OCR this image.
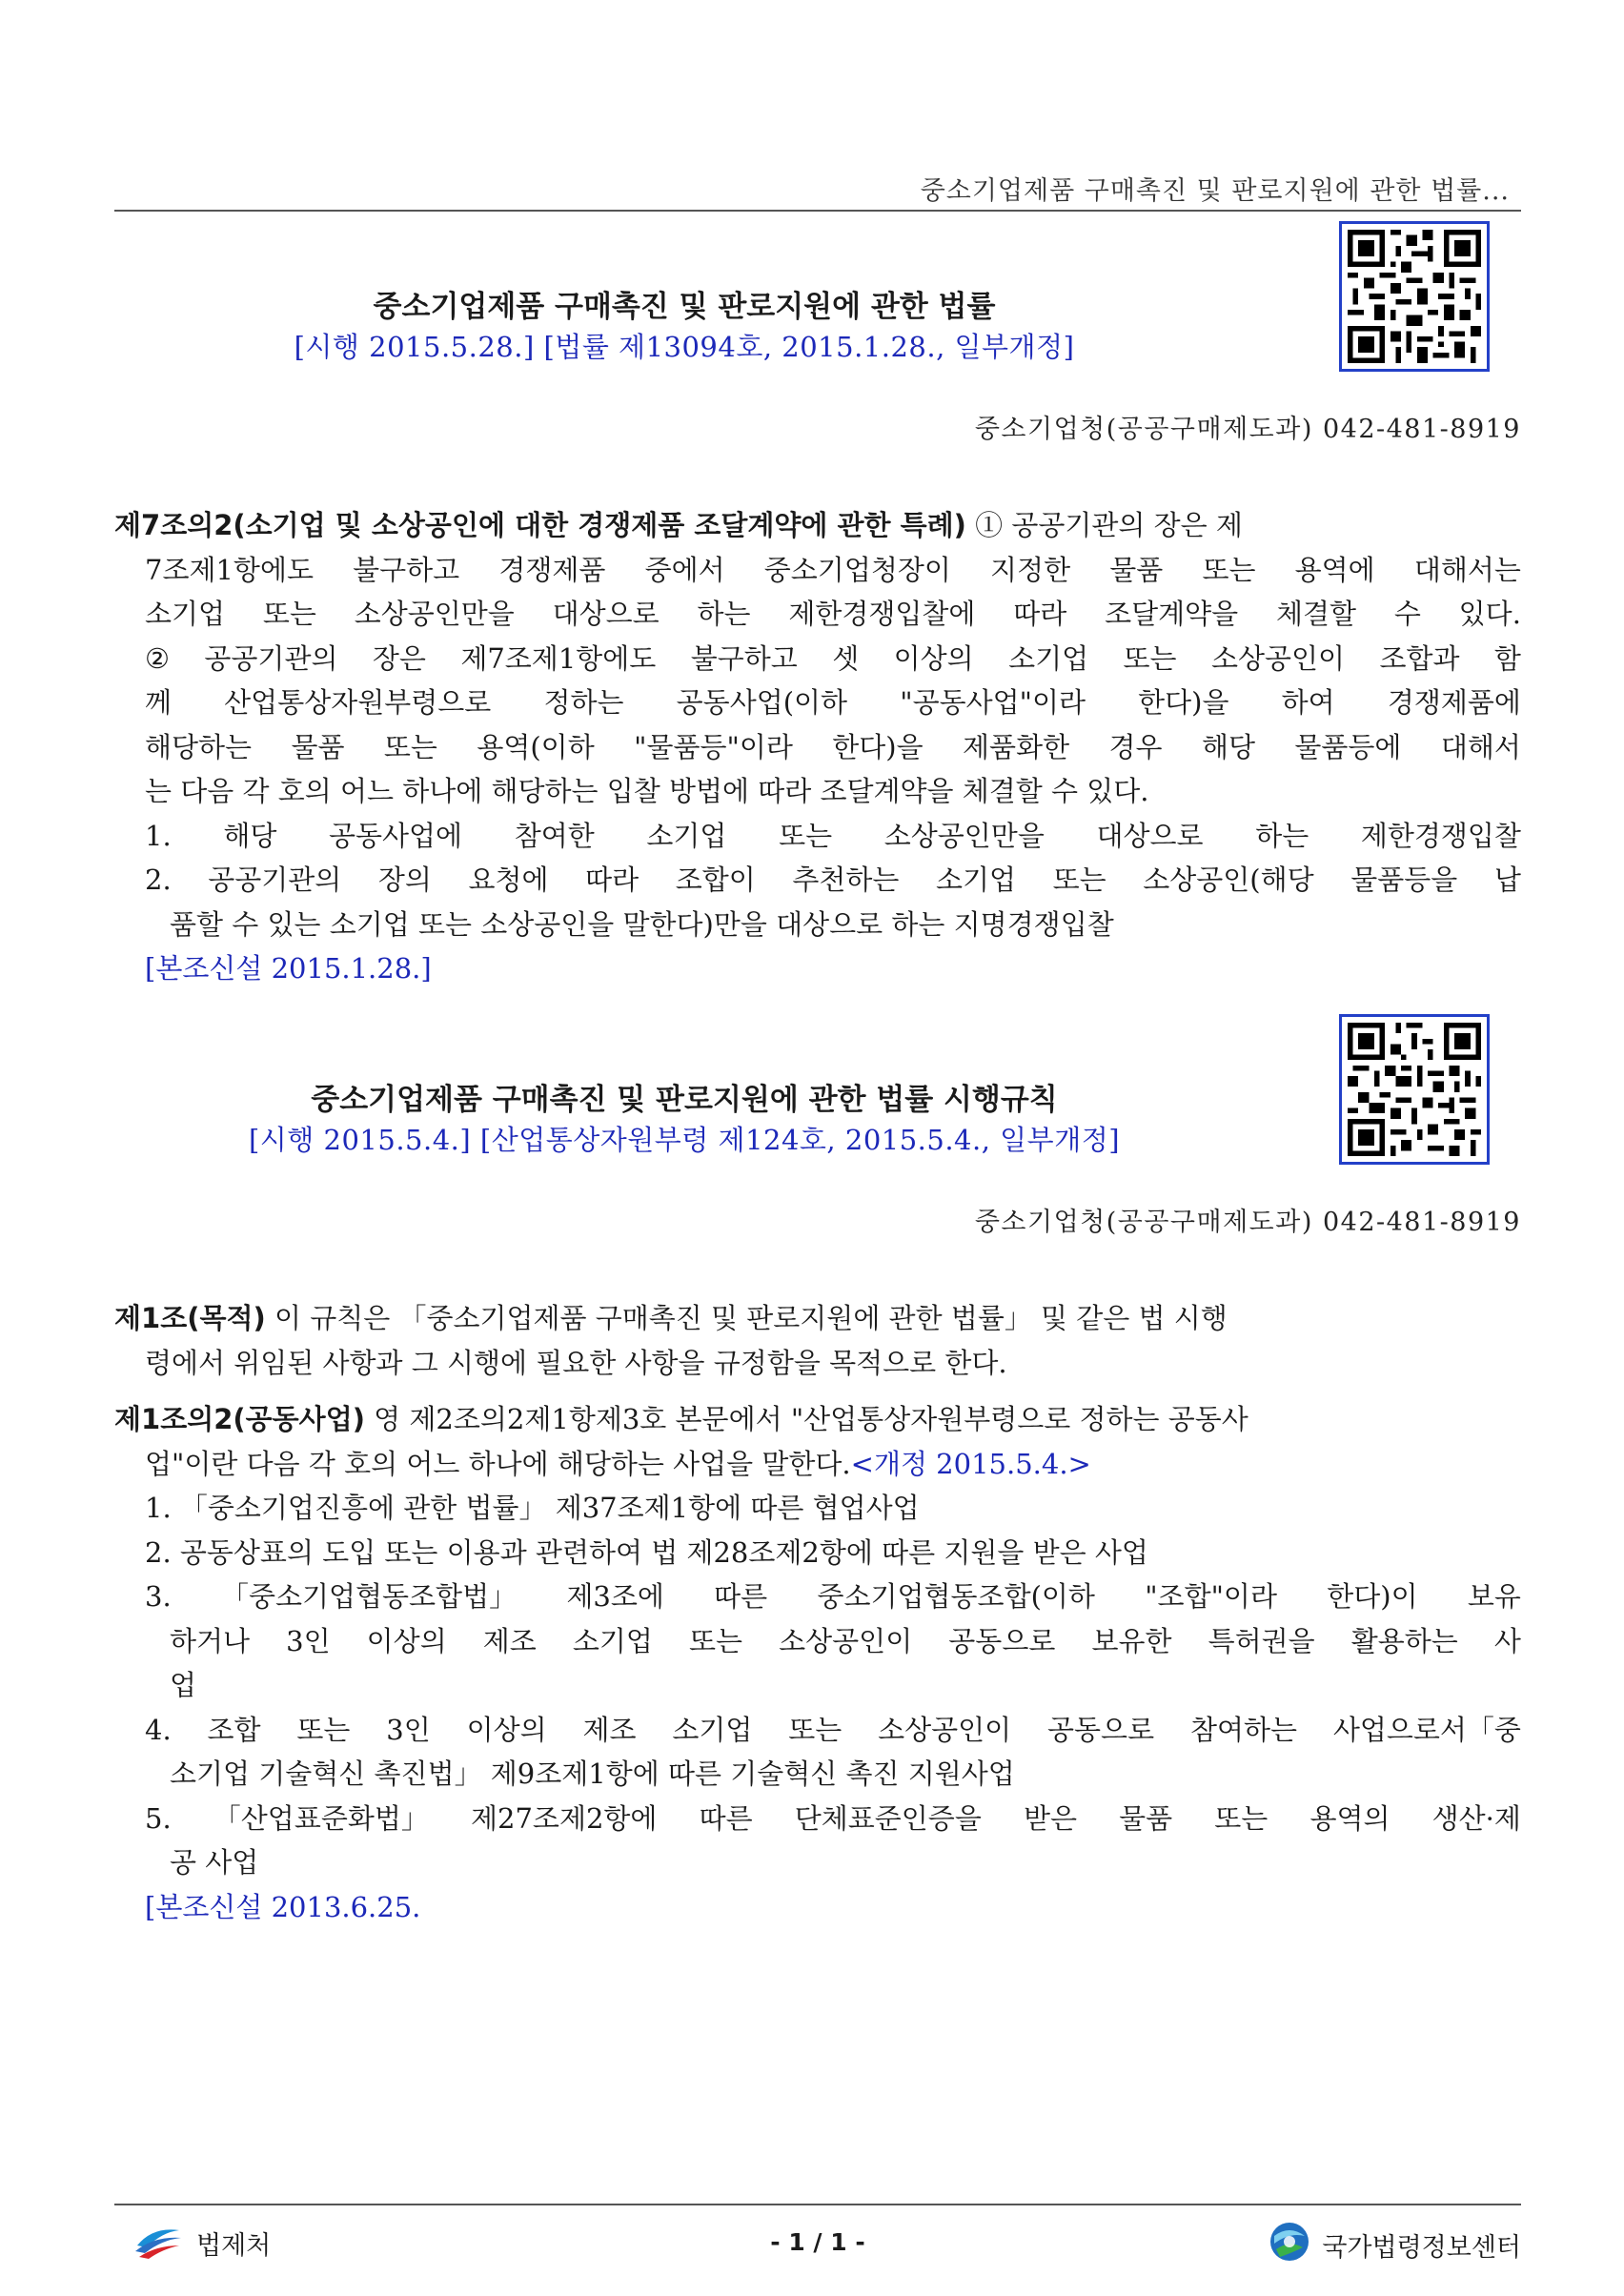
중소기업제품 구매촉진 및 판로지원에 관한 법률...
중소기업제품 구매촉진 및 판로지원에 관한 법률
[시행 2015.5.28.] [법률 제13094호, 2015.1.28., 일부개정]
중소기업청(공공구매제도과) 042-481-8919
제7조의2(소기업 및 소상공인에 대한 경쟁제품 조달계약에 관한 특례) ① 공공기관의 장은 제
7조제1항에도 불구하고 경쟁제품 중에서 중소기업청장이 지정한 물품 또는 용역에 대해서는
소기업 또는 소상공인만을 대상으로 하는 제한경쟁입찰에 따라 조달계약을 체결할 수 있다.
② 공공기관의 장은 제7조제1항에도 불구하고 셋 이상의 소기업 또는 소상공인이 조합과 함
께 산업통상자원부령으로 정하는 공동사업(이하 "공동사업"이라 한다)을 하여 경쟁제품에
해당하는 물품 또는 용역(이하 "물품등"이라 한다)을 제품화한 경우 해당 물품등에 대해서
는 다음 각 호의 어느 하나에 해당하는 입찰 방법에 따라 조달계약을 체결할 수 있다.
1. 해당 공동사업에 참여한 소기업 또는 소상공인만을 대상으로 하는 제한경쟁입찰
2. 공공기관의 장의 요청에 따라 조합이 추천하는 소기업 또는 소상공인(해당 물품등을 납
품할 수 있는 소기업 또는 소상공인을 말한다)만을 대상으로 하는 지명경쟁입찰
[본조신설 2015.1.28.]
중소기업제품 구매촉진 및 판로지원에 관한 법률 시행규칙
[시행 2015.5.4.] [산업통상자원부령 제124호, 2015.5.4., 일부개정]
중소기업청(공공구매제도과) 042-481-8919
제1조(목적) 이 규칙은 「중소기업제품 구매촉진 및 판로지원에 관한 법률」 및 같은 법 시행
령에서 위임된 사항과 그 시행에 필요한 사항을 규정함을 목적으로 한다.
제1조의2(공동사업) 영 제2조의2제1항제3호 본문에서 "산업통상자원부령으로 정하는 공동사
업"이란 다음 각 호의 어느 하나에 해당하는 사업을 말한다. <개정 2015.5.4.>
1. 「중소기업진흥에 관한 법률」 제37조제1항에 따른 협업사업
2. 공동상표의 도입 또는 이용과 관련하여 법 제28조제2항에 따른 지원을 받은 사업
3. 「중소기업협동조합법」 제3조에 따른 중소기업협동조합(이하 "조합"이라 한다)이 보유
하거나 3인 이상의 제조 소기업 또는 소상공인이 공동으로 보유한 특허권을 활용하는 사
업
4. 조합 또는 3인 이상의 제조 소기업 또는 소상공인이 공동으로 참여하는 사업으로서「중
소기업 기술혁신 촉진법」 제9조제1항에 따른 기술혁신 촉진 지원사업
5. 「산업표준화법」 제27조제2항에 따른 단체표준인증을 받은 물품 또는 용역의 생산·제
공 사업
[본조신설 2013.6.25.
법제처	- 1 / 1 -	국가법령정보센터
